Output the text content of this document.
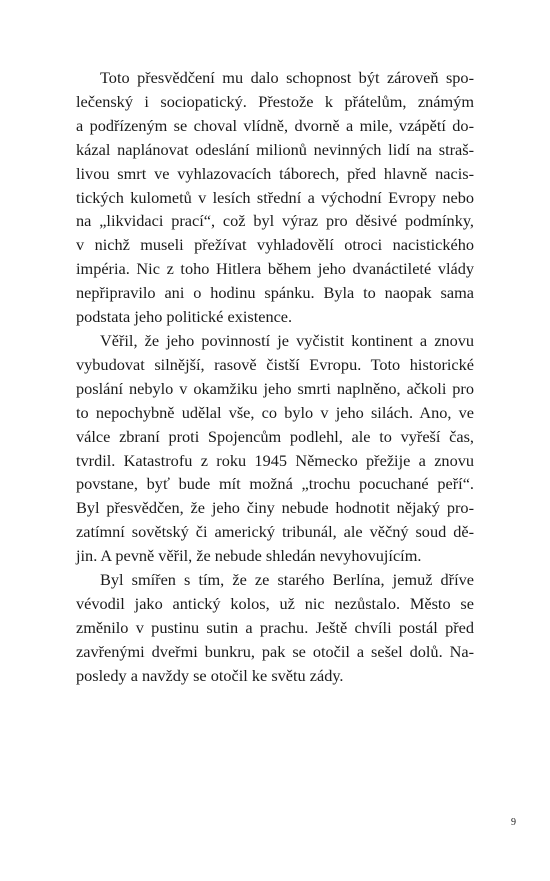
Toto přesvědčení mu dalo schopnost být zároveň spo-
lečenský i sociopatický. Přestože k přátelům, známým
a podřízeným se choval vlídně, dvorně a mile, vzápětí do-
kázal naplánovat odeslání milionů nevinných lidí na straš-
livou smrt ve vyhlazovacích táborech, před hlavně nacis-
tických kulometů v lesích střední a východní Evropy nebo
na „likvidaci prací“, což byl výraz pro děsivé podmínky,
v nichž museli přežívat vyhladovělí otroci nacistického
impéria. Nic z toho Hitlera během jeho dvanáctileté vlády
nepřipravilo ani o hodinu spánku. Byla to naopak sama
podstata jeho politické existence.
Věřil, že jeho povinností je vyčistit kontinent a znovu
vybudovat silnější, rasově čistší Evropu. Toto historické
poslání nebylo v okamžiku jeho smrti naplněno, ačkoli pro
to nepochybně udělal vše, co bylo v jeho silách. Ano, ve
válce zbraní proti Spojencům podlehl, ale to vyřeší čas,
tvrdil. Katastrofu z roku 1945 Německo přežije a znovu
povstane, byť bude mít možná „trochu pocuchané peří“.
Byl přesvědčen, že jeho činy nebude hodnotit nějaký pro-
zatímní sovětský či americký tribunál, ale věčný soud dě-
jin. A pevně věřil, že nebude shledán nevyhovujícím.
Byl smířen s tím, že ze starého Berlína, jemuž dříve
vévodil jako antický kolos, už nic nezůstalo. Město se
změnilo v pustinu sutin a prachu. Ještě chvíli postál před
zavřenými dveřmi bunkru, pak se otočil a sešel dolů. Na-
posledy a navždy se otočil ke světu zády.
9
